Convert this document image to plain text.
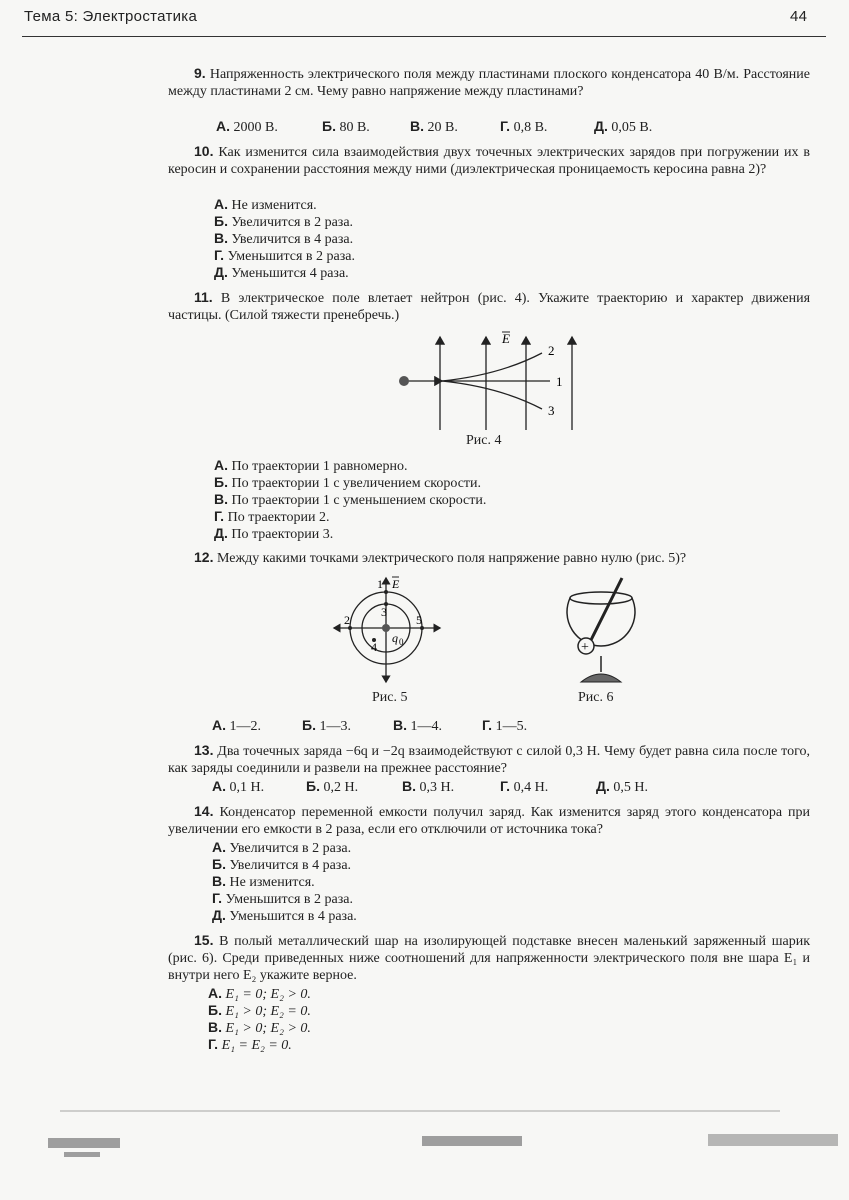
Тема 5: Электростатика	44
9. Напряженность электрического поля между пластинами плоского конденсатора 40 В/м. Расстояние между пластинами 2 см. Чему равно напряжение между пластинами?
А. 2000 В.	Б. 80 В.	В. 20 В.	Г. 0,8 В.	Д. 0,05 В.
10. Как изменится сила взаимодействия двух точечных электрических зарядов при погружении их в керосин и сохранении расстояния между ними (диэлектрическая проницаемость керосина равна 2)?
А. Не изменится.
Б. Увеличится в 2 раза.
В. Увеличится в 4 раза.
Г. Уменьшится в 2 раза.
Д. Уменьшится 4 раза.
11. В электрическое поле влетает нейтрон (рис. 4). Укажите траекторию и характер движения частицы. (Силой тяжести пренебречь.)
E
2
1
3
Рис. 4
А. По траектории 1 равномерно.
Б. По траектории 1 с увеличением скорости.
В. По траектории 1 с уменьшением скорости.
Г. По траектории 2.
Д. По траектории 3.
12. Между какими точками электрического поля напряжение равно нулю (рис. 5)?
1 E
2
3
4
5
q 0
Рис. 5
+
Рис. 6
А. 1—2.	Б. 1—3.	В. 1—4.	Г. 1—5.
13. Два точечных заряда −6q и −2q взаимодействуют с силой 0,3 Н. Чему будет равна сила после того, как заряды соединили и развели на прежнее расстояние?
А. 0,1 Н.	Б. 0,2 Н.	В. 0,3 Н.	Г. 0,4 Н.	Д. 0,5 Н.
14. Конденсатор переменной емкости получил заряд. Как изменится заряд этого конденсатора при увеличении его емкости в 2 раза, если его отключили от источника тока?
А. Увеличится в 2 раза.
Б. Увеличится в 4 раза.
В. Не изменится.
Г. Уменьшится в 2 раза.
Д. Уменьшится в 4 раза.
15. В полый металлический шар на изолирующей подставке внесен маленький заряженный шарик (рис. 6). Среди приведенных ниже соотношений для напряженности электрического поля вне шара E₁ и внутри него E₂ укажите верное.
А. E₁ = 0; E₂ > 0.
Б. E₁ > 0; E₂ = 0.
В. E₁ > 0; E₂ > 0.
Г. E₁ = E₂ = 0.
